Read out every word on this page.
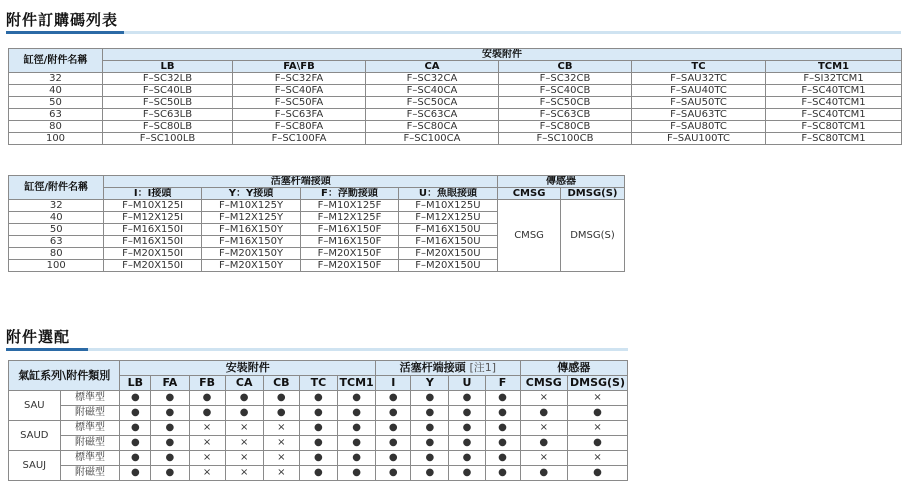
附件訂購碼列表
缸徑/附件名稱	安裝附件					
	LB	FA\FB	CA	CB	TC	TCM1
32	F–SC32LB	F–SC32FA	F–SC32CA	F–SC32CB	F–SAU32TC	F–SI32TCM1
40	F–SC40LB	F–SC40FA	F–SC40CA	F–SC40CB	F–SAU40TC	F–SC40TCM1
50	F–SC50LB	F–SC50FA	F–SC50CA	F–SC50CB	F–SAU50TC	F–SC40TCM1
63	F–SC63LB	F–SC63FA	F–SC63CA	F–SC63CB	F–SAU63TC	F–SC40TCM1
80	F–SC80LB	F–SC80FA	F–SC80CA	F–SC80CB	F–SAU80TC	F–SC80TCM1
100	F–SC100LB	F–SC100FA	F–SC100CA	F–SC100CB	F–SAU100TC	F–SC80TCM1
缸徑/附件名稱	活塞杆端接頭				傳感器	
	I：I接頭	Y：Y接頭	F：浮動接頭	U：魚眼接頭	CMSG	DMSG(S)
32	F–M10X125I	F–M10X125Y	F–M10X125F	F–M10X125U	CMSG	DMSG(S)
40	F–M12X125I	F–M12X125Y	F–M12X125F	F–M12X125U		
50	F–M16X150I	F–M16X150Y	F–M16X150F	F–M16X150U		
63	F–M16X150I	F–M16X150Y	F–M16X150F	F–M16X150U		
80	F–M20X150I	F–M20X150Y	F–M20X150F	F–M20X150U		
100	F–M20X150I	F–M20X150Y	F–M20X150F	F–M20X150U		
附件選配
氣缸系列\附件類別		安裝附件							活塞杆端接頭 [注1]				傳感器	
		LB	FA	FB	CA	CB	TC	TCM1	I	Y	U	F	CMSG	DMSG(S)
SAU	標準型	●	●	●	●	●	●	●	●	●	●	●	×	×
	附磁型	●	●	●	●	●	●	●	●	●	●	●	●	●
SAUD	標準型	●	●	×	×	×	●	●	●	●	●	●	×	×
	附磁型	●	●	×	×	×	●	●	●	●	●	●	●	●
SAUJ	標準型	●	●	×	×	×	●	●	●	●	●	●	×	×
	附磁型	●	●	×	×	×	●	●	●	●	●	●	●	●
